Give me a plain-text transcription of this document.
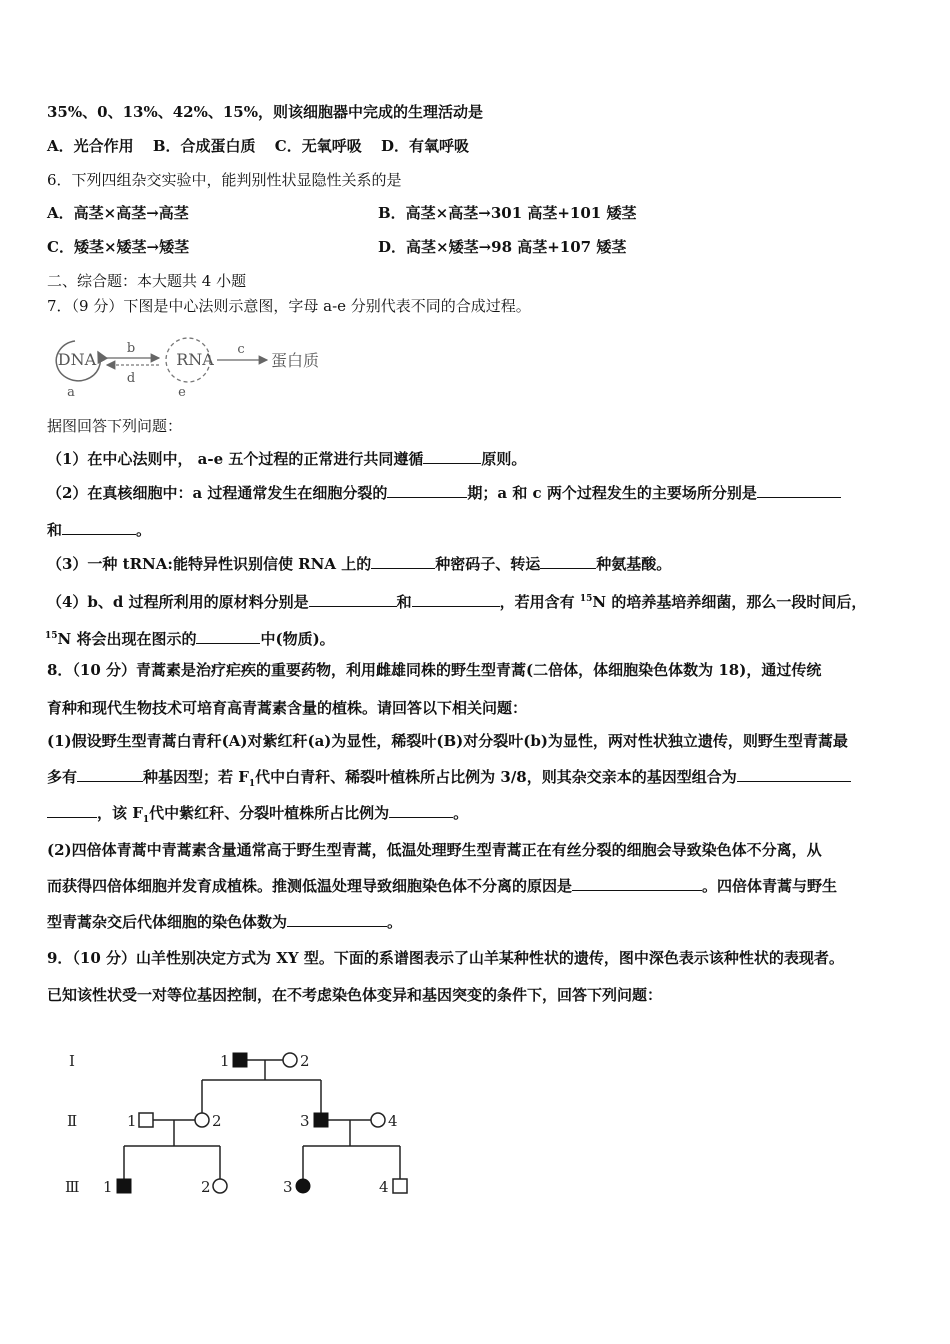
35%、0、13%、42%、15%，则该细胞器中完成的生理活动是
A．光合作用 B．合成蛋白质 C．无氧呼吸 D．有氧呼吸
6．下列四组杂交实验中，能判别性状显隐性关系的是
A．高茎×高茎→高茎	B．高茎×高茎→301 高茎+101 矮茎
C．矮茎×矮茎→矮茎	D．高茎×矮茎→98 高茎+107 矮茎
二、综合题：本大题共 4 小题
7．（9 分）下图是中心法则示意图，字母 a-e 分别代表不同的合成过程。
DNA
a
b
d
RNA
e
c
蛋白质
据图回答下列问题：
（1）在中心法则中， a-e 五个过程的正常进行共同遵循	原则。
（2）在真核细胞中：a 过程通常发生在细胞分裂的	期；a 和 c 两个过程发生的主要场所分别是
和	。
（3）一种 tRNA:能特异性识别信使 RNA 上的	种密码子、转运	种氨基酸。
（4）b、d 过程所利用的原材料分别是	和	，若用含有 $^{15}$N 的培养基培养细菌，那么一段时间后，
$^{15}$N 将会出现在图示的	中(物质)。
8．（10 分）青蒿素是治疗疟疾的重要药物，利用雌雄同株的野生型青蒿(二倍体，体细胞染色体数为 18)，通过传统
育种和现代生物技术可培育高青蒿素含量的植株。请回答以下相关问题：
(1)假设野生型青蒿白青秆(A)对紫红秆(a)为显性，稀裂叶(B)对分裂叶(b)为显性，两对性状独立遗传，则野生型青蒿最
多有	种基因型；若 $F_1$代中白青秆、稀裂叶植株所占比例为 3/8，则其杂交亲本的基因型组合为
，该 $F_1$代中紫红秆、分裂叶植株所占比例为	。
(2)四倍体青蒿中青蒿素含量通常高于野生型青蒿，低温处理野生型青蒿正在有丝分裂的细胞会导致染色体不分离，从
而获得四倍体细胞并发育成植株。推测低温处理导致细胞染色体不分离的原因是	。四倍体青蒿与野生
型青蒿杂交后代体细胞的染色体数为	。
9．（10 分）山羊性别决定方式为 XY 型。下面的系谱图表示了山羊某种性状的遗传，图中深色表示该种性状的表现者。
已知该性状受一对等位基因控制，在不考虑染色体变异和基因突变的条件下，回答下列问题：
Ⅰ
Ⅱ
Ⅲ
1	2
1	2	3	4
1	2	3	4
